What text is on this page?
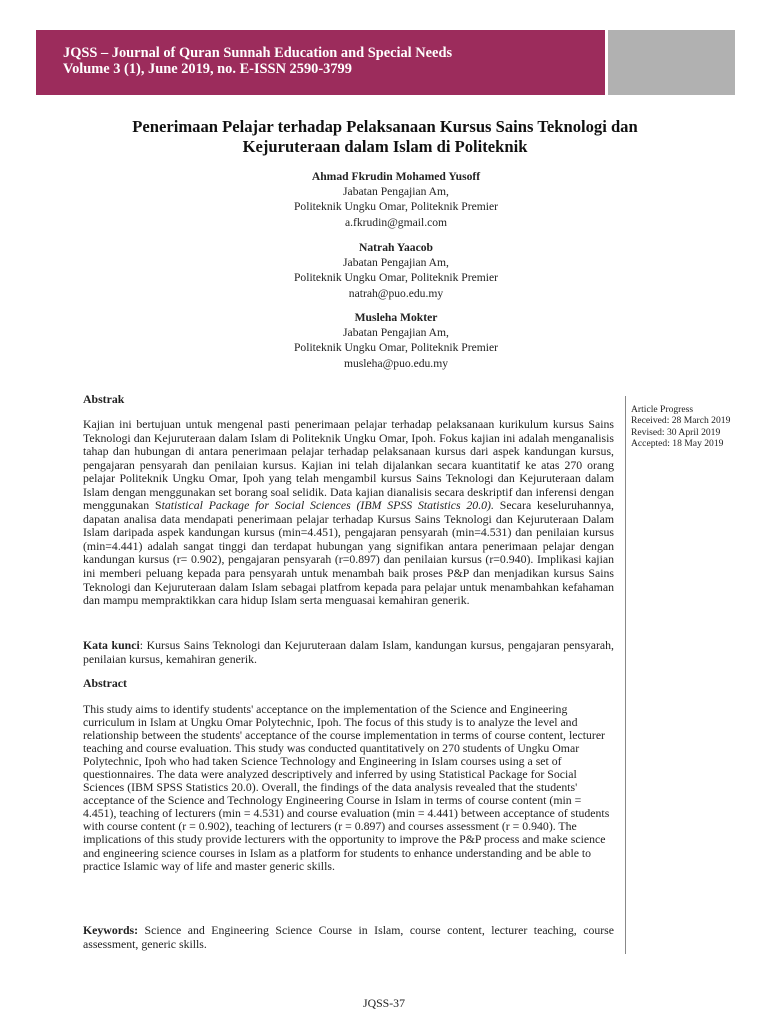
JQSS – Journal of Quran Sunnah Education and Special Needs
Volume 3 (1), June 2019, no. E-ISSN 2590-3799
Penerimaan Pelajar terhadap Pelaksanaan Kursus Sains Teknologi dan
Kejuruteraan dalam Islam di Politeknik
Ahmad Fkrudin Mohamed Yusoff
Jabatan Pengajian Am,
Politeknik Ungku Omar, Politeknik Premier
a.fkrudin@gmail.com
Natrah Yaacob
Jabatan Pengajian Am,
Politeknik Ungku Omar, Politeknik Premier
natrah@puo.edu.my
Musleha Mokter
Jabatan Pengajian Am,
Politeknik Ungku Omar, Politeknik Premier
musleha@puo.edu.my
Article Progress
Received: 28 March 2019
Revised: 30 April 2019
Accepted: 18 May 2019
Abstrak
Kajian ini bertujuan untuk mengenal pasti penerimaan pelajar terhadap pelaksanaan kurikulum kursus Sains Teknologi dan Kejuruteraan dalam Islam di Politeknik Ungku Omar, Ipoh. Fokus kajian ini adalah menganalisis tahap dan hubungan di antara penerimaan pelajar terhadap pelaksanaan kursus dari aspek kandungan kursus, pengajaran pensyarah dan penilaian kursus. Kajian ini telah dijalankan secara kuantitatif ke atas 270 orang pelajar Politeknik Ungku Omar, Ipoh yang telah mengambil kursus Sains Teknologi dan Kejuruteraan dalam Islam dengan menggunakan set borang soal selidik. Data kajian dianalisis secara deskriptif dan inferensi dengan menggunakan Statistical Package for Social Sciences (IBM SPSS Statistics 20.0). Secara keseluruhannya, dapatan analisa data mendapati penerimaan pelajar terhadap Kursus Sains Teknologi dan Kejuruteraan Dalam Islam daripada aspek kandungan kursus (min=4.451), pengajaran pensyarah (min=4.531) dan penilaian kursus (min=4.441) adalah sangat tinggi dan terdapat hubungan yang signifikan antara penerimaan pelajar dengan kandungan kursus (r= 0.902), pengajaran pensyarah (r=0.897) dan penilaian kursus (r=0.940). Implikasi kajian ini memberi peluang kepada para pensyarah untuk menambah baik proses P&P dan menjadikan kursus Sains Teknologi dan Kejuruteraan dalam Islam sebagai platfrom kepada para pelajar untuk menambahkan kefahaman dan mampu mempraktikkan cara hidup Islam serta menguasai kemahiran generik.
Kata kunci: Kursus Sains Teknologi dan Kejuruteraan dalam Islam, kandungan kursus, pengajaran pensyarah, penilaian kursus, kemahiran generik.
Abstract
This study aims to identify students' acceptance on the implementation of the Science and Engineering curriculum in Islam at Ungku Omar Polytechnic, Ipoh. The focus of this study is to analyze the level and relationship between the students' acceptance of the course implementation in terms of course content, lecturer teaching and course evaluation. This study was conducted quantitatively on 270 students of Ungku Omar Polytechnic, Ipoh who had taken Science Technology and Engineering in Islam courses using a set of questionnaires. The data were analyzed descriptively and inferred by using Statistical Package for Social Sciences (IBM SPSS Statistics 20.0). Overall, the findings of the data analysis revealed that the students' acceptance of the Science and Technology Engineering Course in Islam in terms of course content (min = 4.451), teaching of lecturers (min = 4.531) and course evaluation (min = 4.441) between acceptance of students with course content (r = 0.902), teaching of lecturers (r = 0.897) and courses assessment (r = 0.940). The implications of this study provide lecturers with the opportunity to improve the P&P process and make science and engineering science courses in Islam as a platform for students to enhance understanding and be able to practice Islamic way of life and master generic skills.
Keywords: Science and Engineering Science Course in Islam, course content, lecturer teaching, course assessment, generic skills.
JQSS-37
